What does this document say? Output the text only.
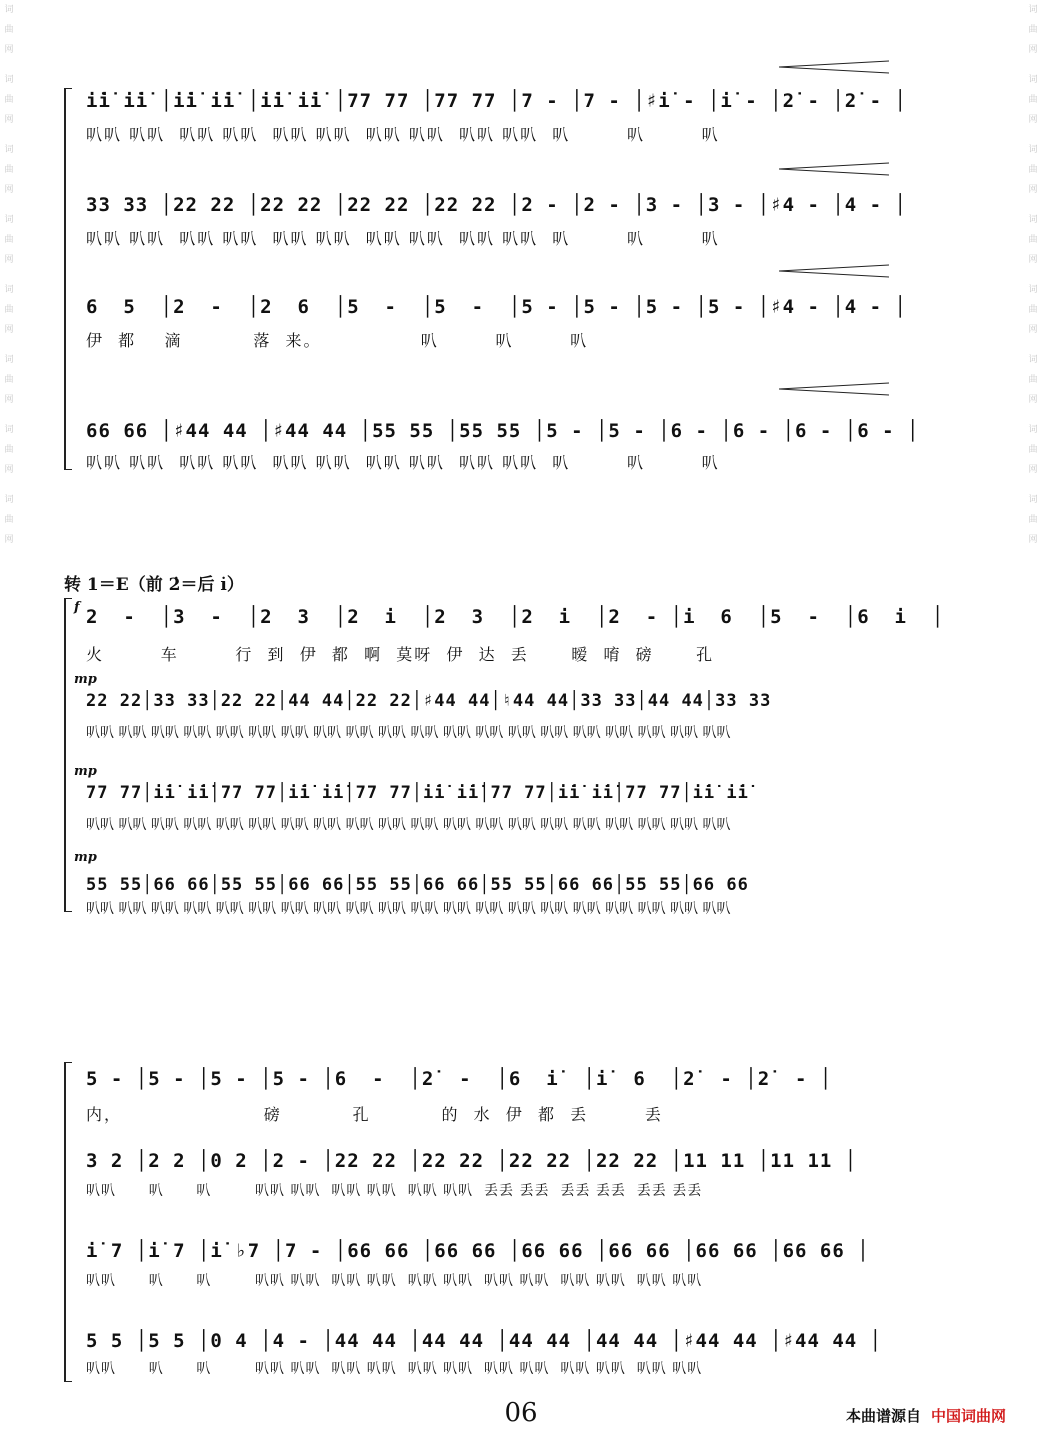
词
曲
网
词
曲
网
词
曲
网
词
曲
网
词
曲
网
词
曲
网
词
曲
网
词
曲
网
词
曲
网
词
曲
网
词
曲
网
词
曲
网
词
曲
网
词
曲
网
词
曲
网
词
曲
网
i̇i̇ i̇i̇ │i̇i̇ i̇i̇ │i̇i̇ i̇i̇ │77 77 │77 77 │7 - │7 - │♯i̇ - │i̇ - │2̇ - │2̇ - │
叭叭 叭叭  叭叭 叭叭  叭叭 叭叭  叭叭 叭叭  叭叭 叭叭  叭        叭        叭
33 33 │22 22 │22 22 │22 22 │22 22 │2 - │2 - │3 - │3 - │♯4 - │4 - │
叭叭 叭叭  叭叭 叭叭  叭叭 叭叭  叭叭 叭叭  叭叭 叭叭  叭        叭        叭
6  5  │2  -  │2  6  │5  -  │5  -  │5 - │5 - │5 - │5 - │♯4 - │4 - │
伊  都    滴          落  来。              叭        叭        叭
66 66 │♯44 44 │♯44 44 │55 55 │55 55 │5 - │5 - │6 - │6 - │6 - │6 - │
叭叭 叭叭  叭叭 叭叭  叭叭 叭叭  叭叭 叭叭  叭叭 叭叭  叭        叭        叭
转 1＝E（前 2̇＝后 i̇）
f 2  -  │3  -  │2  3  │2  i  │2  3  │2  i  │2  - │i  6  │5  -  │6  i  │
火        车        行  到  伊  都  啊  莫呀  伊  达  丢      暧  唷  磅      孔
mp
22 22│33 33│22 22│44 44│22 22│♯44 44│♮44 44│33 33│44 44│33 33
叭叭 叭叭 叭叭 叭叭 叭叭 叭叭 叭叭 叭叭 叭叭 叭叭 叭叭 叭叭 叭叭 叭叭 叭叭 叭叭 叭叭 叭叭 叭叭 叭叭
mp
77 77│i̇i̇ i̇i̇│77 77│i̇i̇ i̇i̇│77 77│i̇i̇ i̇i̇│77 77│i̇i̇ i̇i̇│77 77│i̇i̇ i̇i̇
叭叭 叭叭 叭叭 叭叭 叭叭 叭叭 叭叭 叭叭 叭叭 叭叭 叭叭 叭叭 叭叭 叭叭 叭叭 叭叭 叭叭 叭叭 叭叭 叭叭
mp
55 55│66 66│55 55│66 66│55 55│66 66│55 55│66 66│55 55│66 66
叭叭 叭叭 叭叭 叭叭 叭叭 叭叭 叭叭 叭叭 叭叭 叭叭 叭叭 叭叭 叭叭 叭叭 叭叭 叭叭 叭叭 叭叭 叭叭 叭叭
5 - │5 - │5 - │5 - │6  -  │2̇  -  │6  i̇  │i̇  6  │2̇  - │2̇  - │
内，                    磅          孔          的  水  伊  都  丢        丢
3 2 │2 2 │0 2 │2 - │22 22 │22 22 │22 22 │22 22 │11 11 │11 11 │
叭叭      叭      叭        叭叭 叭叭  叭叭 叭叭  叭叭 叭叭  丢丢 丢丢  丢丢 丢丢  丢丢 丢丢
i̇ 7 │i̇ 7 │i̇ ♭7 │7 - │66 66 │66 66 │66 66 │66 66 │66 66 │66 66 │
叭叭      叭      叭        叭叭 叭叭  叭叭 叭叭  叭叭 叭叭  叭叭 叭叭  叭叭 叭叭  叭叭 叭叭
5 5 │5 5 │0 4 │4 - │44 44 │44 44 │44 44 │44 44 │♯44 44 │♯44 44 │
叭叭      叭      叭        叭叭 叭叭  叭叭 叭叭  叭叭 叭叭  叭叭 叭叭  叭叭 叭叭  叭叭 叭叭
06	本曲谱源自 中国词曲网
